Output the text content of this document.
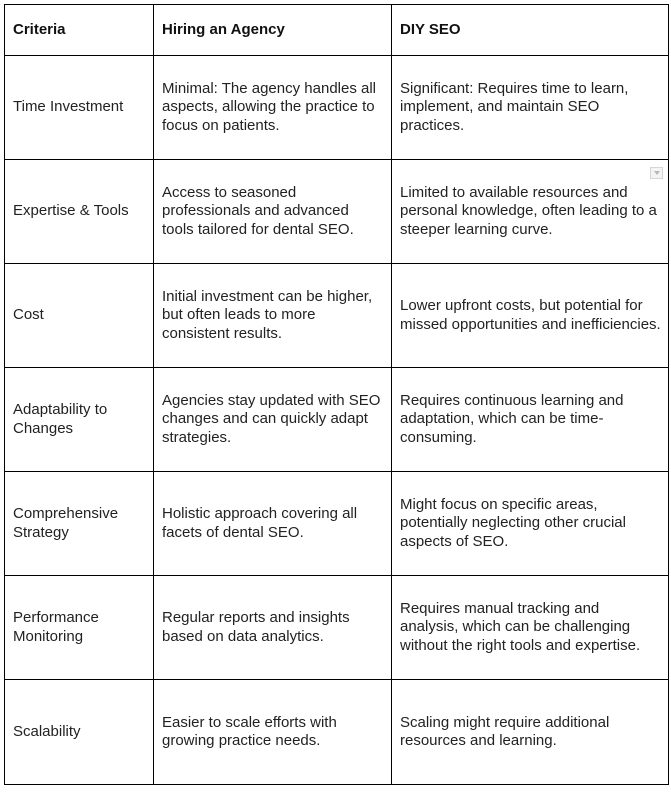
Criteria	Hiring an Agency	DIY SEO
Time Investment	Minimal: The agency handles all aspects, allowing the practice to focus on patients.	Significant: Requires time to learn, implement, and maintain SEO practices.
Expertise & Tools	Access to seasoned professionals and advanced tools tailored for dental SEO.	Limited to available resources and personal knowledge, often leading to a steeper learning curve.
Cost	Initial investment can be higher, but often leads to more consistent results.	Lower upfront costs, but potential for missed opportunities and inefficiencies.
Adaptability to Changes	Agencies stay updated with SEO changes and can quickly adapt strategies.	Requires continuous learning and adaptation, which can be time-consuming.
Comprehensive Strategy	Holistic approach covering all facets of dental SEO.	Might focus on specific areas, potentially neglecting other crucial aspects of SEO.
Performance Monitoring	Regular reports and insights based on data analytics.	Requires manual tracking and analysis, which can be challenging without the right tools and expertise.
Scalability	Easier to scale efforts with growing practice needs.	Scaling might require additional resources and learning.
